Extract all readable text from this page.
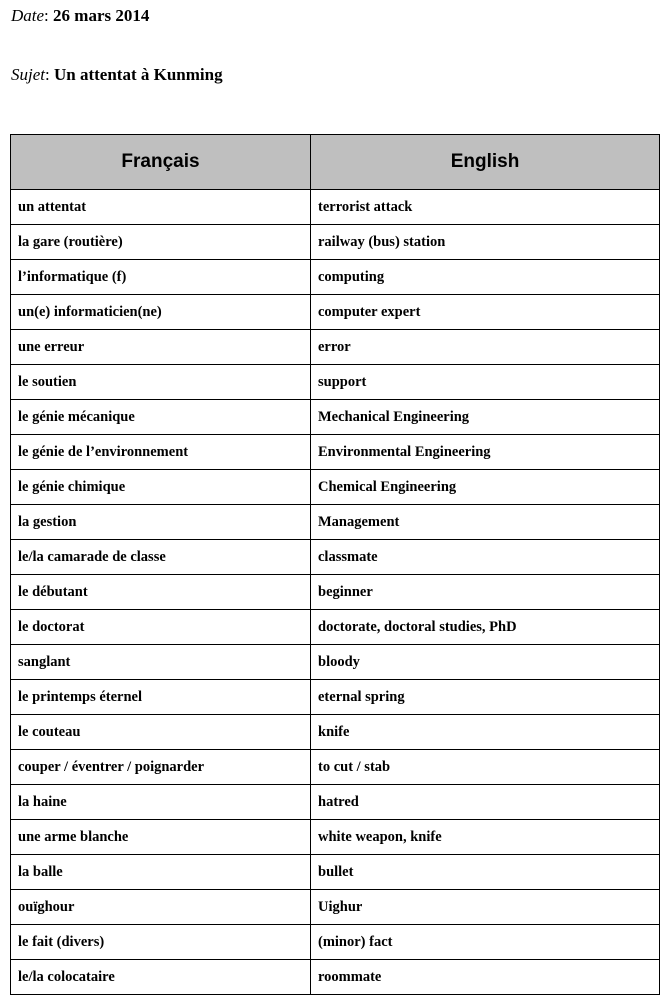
Date: 26 mars 2014
Sujet: Un attentat à Kunming
Français	English
un attentat	terrorist attack
la gare (routière)	railway (bus) station
l’informatique (f)	computing
un(e) informaticien(ne)	computer expert
une erreur	error
le soutien	support
le génie mécanique	Mechanical Engineering
le génie de l’environnement	Environmental Engineering
le génie chimique	Chemical Engineering
la gestion	Management
le/la camarade de classe	classmate
le débutant	beginner
le doctorat	doctorate, doctoral studies, PhD
sanglant	bloody
le printemps éternel	eternal spring
le couteau	knife
couper / éventrer / poignarder	to cut / stab
la haine	hatred
une arme blanche	white weapon, knife
la balle	bullet
ouïghour	Uighur
le fait (divers)	(minor) fact
le/la colocataire	roommate
